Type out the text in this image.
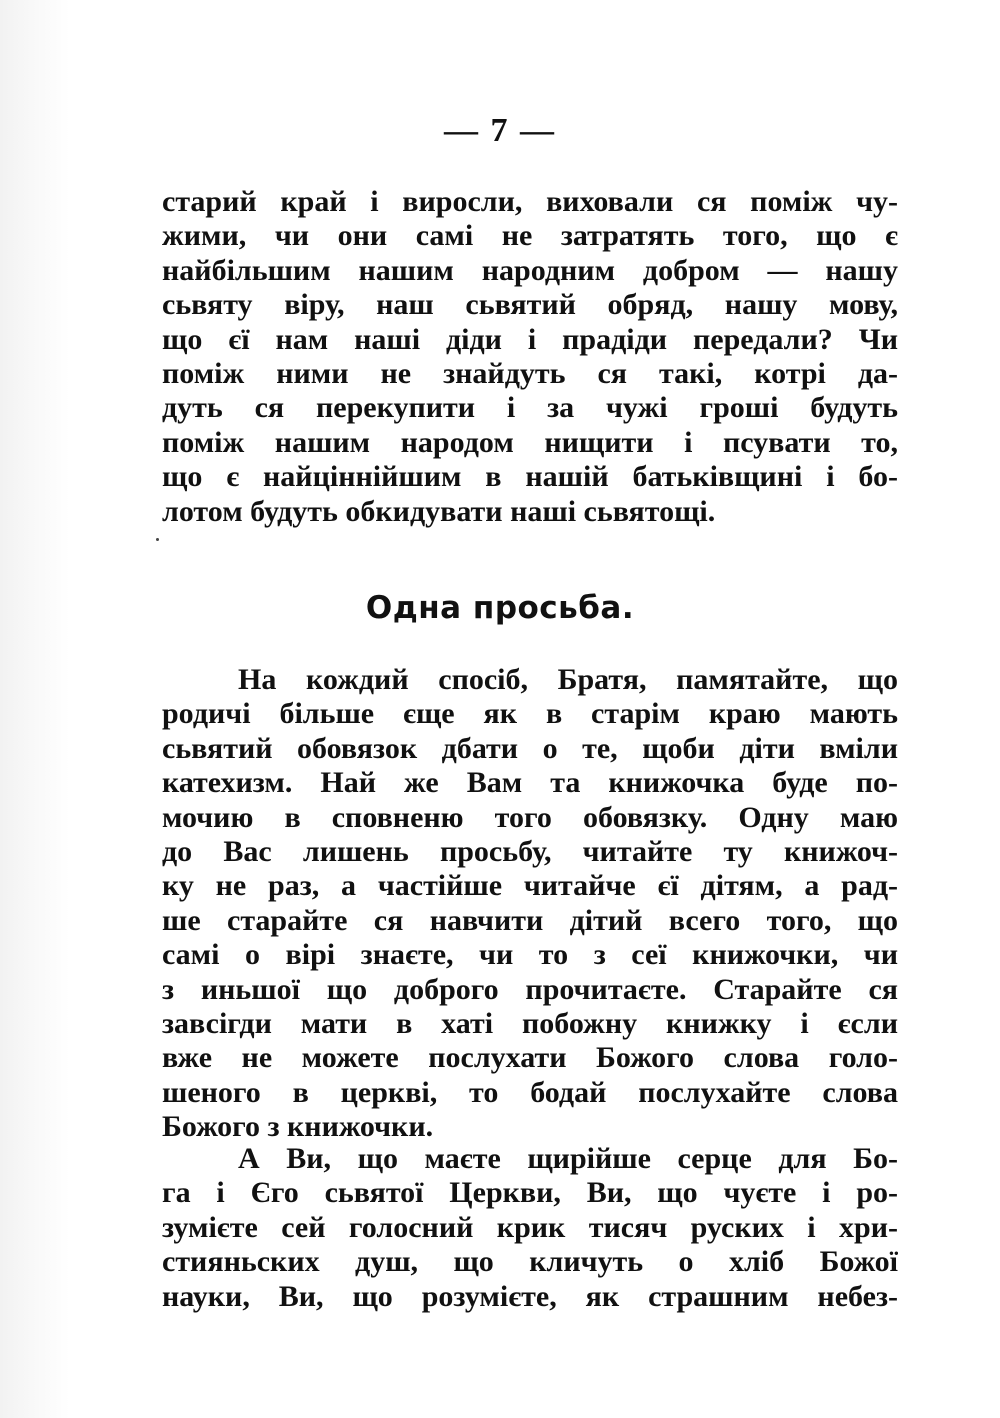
— 7 —
старий край і виросли, виховали ся поміж чу-
жими, чи они самі не затратять того, що є
найбільшим нашим народним добром — нашу
сьвяту віру, наш сьвятий обряд, нашу мову,
що єї нам наші діди і прадіди передали? Чи
поміж ними не знайдуть ся такі, котрі да-
дуть ся перекупити і за чужі гроші будуть
поміж нашим народом нищити і псувати то,
що є найціннійшим в нашій батьківщині і бо-
лотом будуть обкидувати наші сьвятощі.
Одна просьба.
На кождий спосіб, Братя, памятайте, що
родичі більше єще як в старім краю мають
сьвятий обовязок дбати о те, щоби діти вміли
катехизм. Най же Вам та книжочка буде по-
мочию в сповненю того обовязку. Одну маю
до Вас лишень просьбу, читайте ту книжоч-
ку не раз, а частійше читайче єї дітям, а рад-
ше старайте ся навчити дітий всего того, що
самі о вірі знаєте, чи то з сеї книжочки, чи
з иньшої що доброго прочитаєте. Старайте ся
завсігди мати в хаті побожну книжку і єсли
вже не можете послухати Божого слова голо-
шеного в церкві, то бодай послухайте слова
Божого з книжочки.
А Ви, що маєте щирійше серце для Бо-
га і Єго сьвятої Церкви, Ви, що чуєте і ро-
зумієте сей голосний крик тисяч руских і хри-
стияньских душ, що кличуть о хліб Божої
науки, Ви, що розумієте, як страшним небез-
